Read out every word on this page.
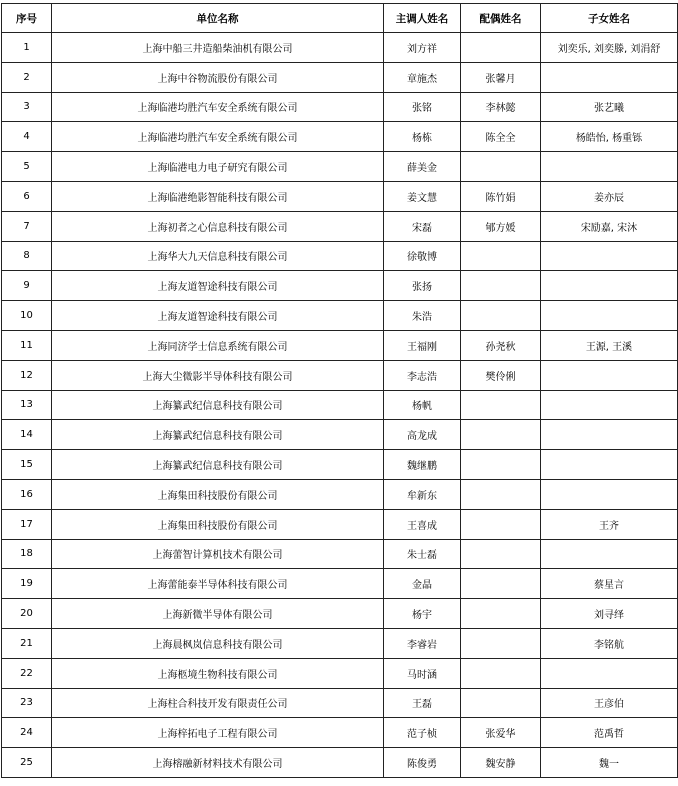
序号	单位名称	主调人姓名	配偶姓名	子女姓名
1	上海中船三井造船柴油机有限公司	刘方祥		刘奕乐, 刘奕滕, 刘涓舒
2	上海中谷物流股份有限公司	章施杰	张馨月	
3	上海临港均胜汽车安全系统有限公司	张铭	李林懿	张艺曦
4	上海临港均胜汽车安全系统有限公司	杨栋	陈全全	杨皓怡, 杨重铄
5	上海临港电力电子研究有限公司	薛美金		
6	上海临港绝影智能科技有限公司	姜文慧	陈竹娟	姜亦辰
7	上海初者之心信息科技有限公司	宋磊	郇方媛	宋励嘉, 宋沐
8	上海华大九天信息科技有限公司	徐敬博		
9	上海友道智途科技有限公司	张扬		
10	上海友道智途科技有限公司	朱浩		
11	上海同济学士信息系统有限公司	王福刚	孙尧秋	王源, 王溪
12	上海大尘微影半导体科技有限公司	李志浩	樊伶俐	
13	上海纂武纪信息科技有限公司	杨帆		
14	上海纂武纪信息科技有限公司	高龙成		
15	上海纂武纪信息科技有限公司	魏继鹏		
16	上海集田科技股份有限公司	牟新东		
17	上海集田科技股份有限公司	王喜成		王齐
18	上海蕾智计算机技术有限公司	朱士磊		
19	上海蕾能泰半导体科技有限公司	金晶		蔡星言
20	上海新微半导体有限公司	杨宇		刘寻绎
21	上海晨枫岚信息科技有限公司	李睿岩		李铭航
22	上海柩境生物科技有限公司	马时涵		
23	上海柱合科技开发有限责任公司	王磊		王彦伯
24	上海梓拓电子工程有限公司	范子桢	张爱华	范禹哲
25	上海榕融新材料技术有限公司	陈俊勇	魏安静	魏一
